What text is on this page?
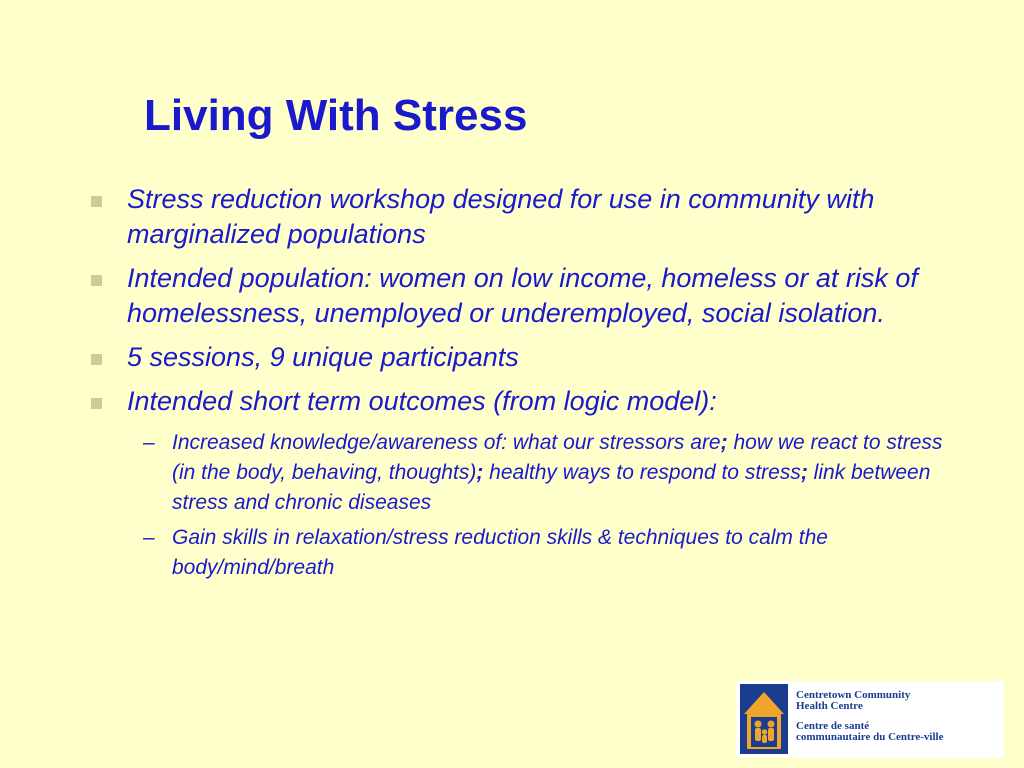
Living With Stress
Stress reduction workshop designed for use in community with marginalized populations
Intended population: women on low income, homeless or at risk of homelessness, unemployed or underemployed, social isolation.
5 sessions, 9 unique participants
Intended short term outcomes (from logic model):
– Increased knowledge/awareness of: what our stressors are; how we react to stress (in the body, behaving, thoughts); healthy ways to respond to stress; link between stress and chronic diseases
– Gain skills in relaxation/stress reduction skills & techniques to calm the body/mind/breath
Centretown Community
Health Centre
Centre de santé
communautaire du Centre-ville
